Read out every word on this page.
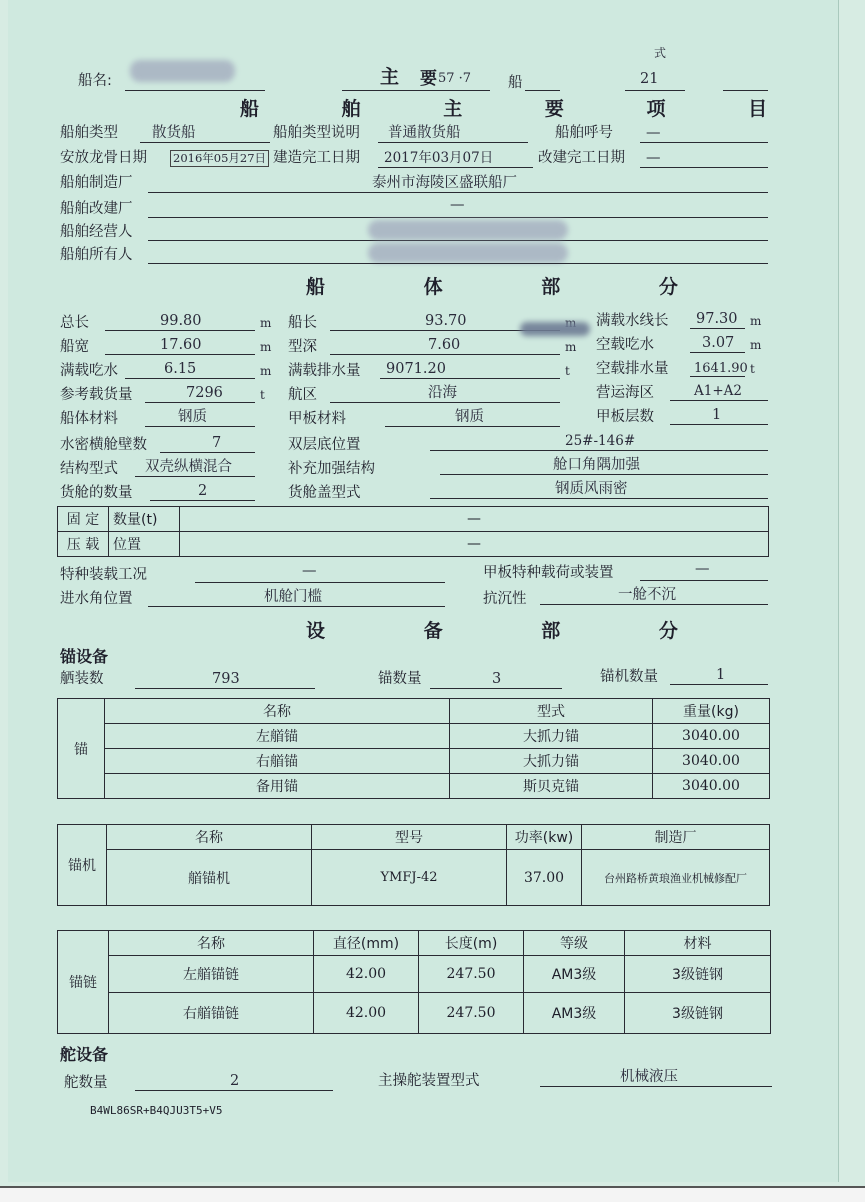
船名:	主 要 57 ·7	船	21
式
船 舶 主 要 项 目
船舶类型 散货船	船舶类型说明 普通散货船	船舶呼号 —
安放龙骨日期 2016年05月27日 建造完工日期 2017年03月07日	改建完工日期 —
船舶制造厂	泰州市海陵区盛联船厂
船舶改建厂	—
船舶经营人
船舶所有人
船 体 部 分
总长	99.80	m 船长	93.70	满载水线长 97.30 m
船宽	17.60	m 型深	7.60	m 空载吃水	3.07 m
满载吃水	6.15	m 满载排水量 9071.20	t 空载排水量 1641.90 t
参考载货量	7296	t 航区	沿海	营运海区	A1+A2
船体材料	钢质	甲板材料	钢质	甲板层数	1
水密横舱壁数	7	双层底位置	25#-146#
结构型式 双壳纵横混合	补充加强结构	舱口角隅加强
货舱的数量	2	货舱盖型式	钢质风雨密
固 定	数量(t)	—
压 载	位置	—
特种装载工况	—	甲板特种载荷或装置	—
进水角位置	机舱门槛	抗沉性	一舱不沉
设 备 部 分
锚设备
舾装数	793	锚数量	3	锚机数量	1
锚	名称	型式	重量(kg)
	左艏锚	大抓力锚	3040.00
	右艏锚	大抓力锚	3040.00
	备用锚	斯贝克锚	3040.00
锚机	名称	型号	功率(kw)	制造厂
	艏锚机	YMFJ-42	37.00	台州路桥黄琅渔业机械修配厂
锚链	名称	直径(mm)	长度(m)	等级	材料
	左艏锚链	42.00	247.50	AM3级	3级链钢
	右艏锚链	42.00	247.50	AM3级	3级链钢
舵设备
舵数量	2	主操舵装置型式	机械液压
B4WL86SR+B4QJU3T5+V5
